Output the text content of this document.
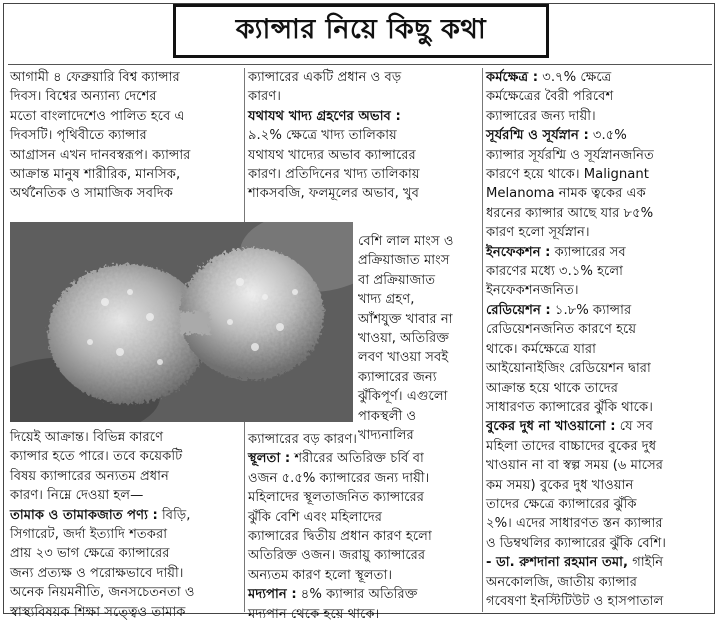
ক্যান্সার নিয়ে কিছু কথা
আগামী ৪ ফেব্রুয়ারি বিশ্ব ক্যান্সার
দিবস। বিশ্বের অন্যান্য দেশের
মতো বাংলাদেশেও পালিত হবে এ
দিবসটি। পৃথিবীতে ক্যান্সার
আগ্রাসন এখন দানবস্বরূপ। ক্যান্সার
আক্রান্ত মানুষ শারীরিক, মানসিক,
অর্থনৈতিক ও সামাজিক সবদিক
দিয়েই আক্রান্ত। বিভিন্ন কারণে
ক্যান্সার হতে পারে। তবে কয়েকটি
বিষয় ক্যান্সারের অন্যতম প্রধান
কারণ। নিম্নে দেওয়া হল—
তামাক ও তামাকজাত পণ্য : বিড়ি,
সিগারেট, জর্দা ইত্যাদি শতকরা
প্রায় ২৩ ভাগ ক্ষেত্রে ক্যান্সারের
জন্য প্রত্যক্ষ ও পরোক্ষভাবে দায়ী।
অনেক নিয়মনীতি, জনসচেতনতা ও
স্বাস্থ্যবিষয়ক শিক্ষা সত্ত্বেও তামাক
ক্যান্সারের একটি প্রধান ও বড়
কারণ।
যথাযথ খাদ্য গ্রহণের অভাব :
৯.২% ক্ষেত্রে খাদ্য তালিকায়
যথাযথ খাদ্যের অভাব ক্যান্সারের
কারণ। প্রতিদিনের খাদ্য তালিকায়
শাকসবজি, ফলমূলের অভাব, খুব
বেশি লাল মাংস ও
প্রক্রিয়াজাত মাংস
বা প্রক্রিয়াজাত
খাদ্য গ্রহণ,
আঁশযুক্ত খাবার না
খাওয়া, অতিরিক্ত
লবণ খাওয়া সবই
ক্যান্সারের জন্য
ঝুঁকিপূর্ণ। এগুলো
পাকস্থলী ও
খাদ্যনালির
ক্যান্সারের বড় কারণ।
স্থূলতা : শরীরের অতিরিক্ত চর্বি বা
ওজন ৫.৫% ক্যান্সারের জন্য দায়ী।
মহিলাদের স্থূলতাজনিত ক্যান্সারের
ঝুঁকি বেশি এবং মহিলাদের
ক্যান্সারের দ্বিতীয় প্রধান কারণ হলো
অতিরিক্ত ওজন। জরায়ু ক্যান্সারের
অন্যতম কারণ হলো স্থূলতা।
মদ্যপান : ৪% ক্যান্সার অতিরিক্ত
মদ্যপান থেকে হয়ে থাকে।
কর্মক্ষেত্র : ৩.৭% ক্ষেত্রে
কর্মক্ষেত্রের বৈরী পরিবেশ
ক্যান্সারের জন্য দায়ী।
সূর্যরশ্মি ও সূর্যস্নান : ৩.৫%
ক্যান্সার সূর্যরশ্মি ও সূর্যস্নানজনিত
কারণে হয়ে থাকে। Malignant
Melanoma নামক ত্বকের এক
ধরনের ক্যান্সার আছে যার ৮৫%
কারণ হলো সূর্যস্নান।
ইনফেকশন : ক্যান্সারের সব
কারণের মধ্যে ৩.১% হলো
ইনফেকশনজনিত।
রেডিয়েশন : ১.৮% ক্যান্সার
রেডিয়েশনজনিত কারণে হয়ে
থাকে। কর্মক্ষেত্রে যারা
আইয়োনাইজিং রেডিয়েশন দ্বারা
আক্রান্ত হয়ে থাকে তাদের
সাধারণত ক্যান্সারের ঝুঁকি থাকে।
বুকের দুধ না খাওয়ানো : যে সব
মহিলা তাদের বাচ্চাদের বুকের দুধ
খাওয়ান না বা স্বল্প সময় (৬ মাসের
কম সময়) বুকের দুধ খাওয়ান
তাদের ক্ষেত্রে ক্যান্সারের ঝুঁকি
২%। এদের সাধারণত স্তন ক্যান্সার
ও ডিম্বথলির ক্যান্সারের ঝুঁকি বেশি।
- ডা. রুশদানা রহমান তমা, গাইনি
অনকোলজি, জাতীয় ক্যান্সার
গবেষণা ইনস্টিটিউট ও হাসপাতাল
